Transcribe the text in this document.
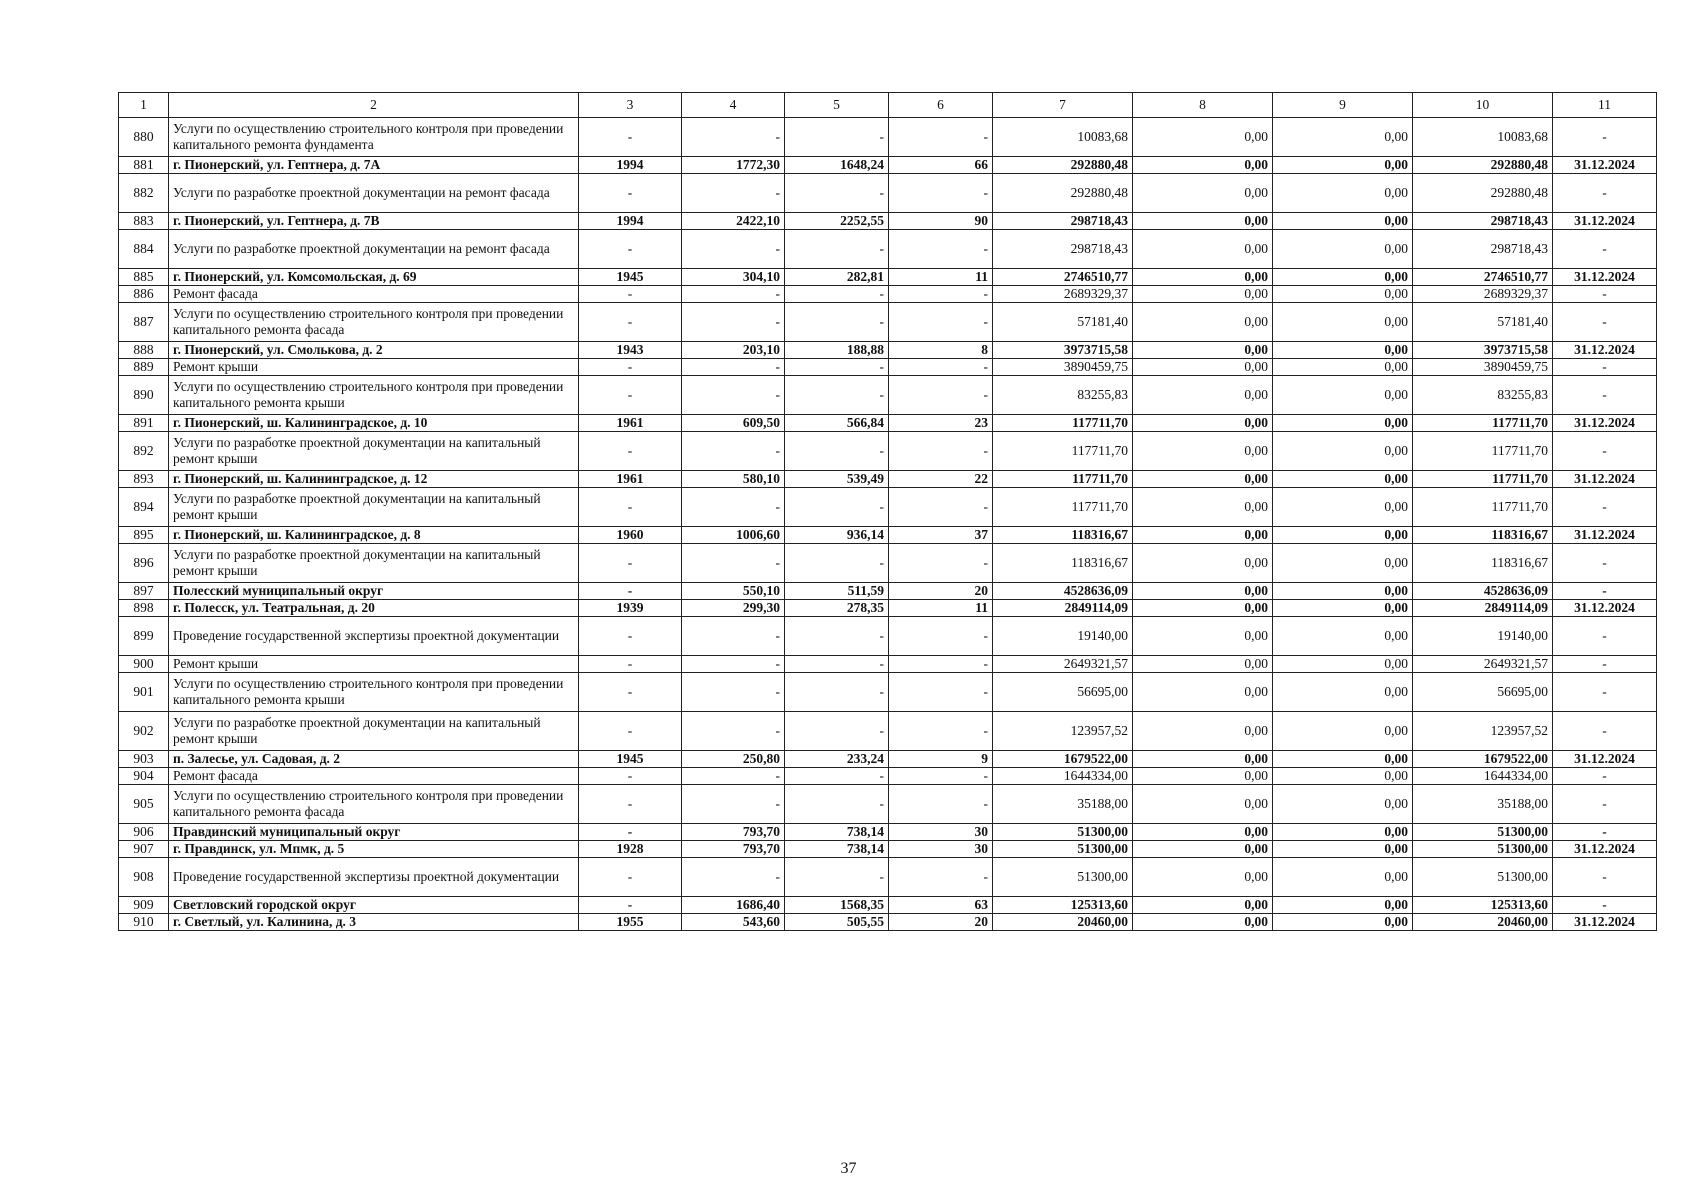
1	2	3	4	5	6	7	8	9	10	11
880	Услуги по осуществлению строительного контроля при проведении капитального ремонта фундамента	-	-	-	-	10083,68	0,00	0,00	10083,68	-
881	г. Пионерский, ул. Гептнера, д. 7А	1994	1772,30	1648,24	66	292880,48	0,00	0,00	292880,48	31.12.2024
882	Услуги по разработке проектной документации на ремонт фасада	-	-	-	-	292880,48	0,00	0,00	292880,48	-
883	г. Пионерский, ул. Гептнера, д. 7В	1994	2422,10	2252,55	90	298718,43	0,00	0,00	298718,43	31.12.2024
884	Услуги по разработке проектной документации на ремонт фасада	-	-	-	-	298718,43	0,00	0,00	298718,43	-
885	г. Пионерский, ул. Комсомольская, д. 69	1945	304,10	282,81	11	2746510,77	0,00	0,00	2746510,77	31.12.2024
886	Ремонт фасада	-	-	-	-	2689329,37	0,00	0,00	2689329,37	-
887	Услуги по осуществлению строительного контроля при проведении капитального ремонта фасада	-	-	-	-	57181,40	0,00	0,00	57181,40	-
888	г. Пионерский, ул. Смолькова, д. 2	1943	203,10	188,88	8	3973715,58	0,00	0,00	3973715,58	31.12.2024
889	Ремонт крыши	-	-	-	-	3890459,75	0,00	0,00	3890459,75	-
890	Услуги по осуществлению строительного контроля при проведении капитального ремонта крыши	-	-	-	-	83255,83	0,00	0,00	83255,83	-
891	г. Пионерский, ш. Калининградское, д. 10	1961	609,50	566,84	23	117711,70	0,00	0,00	117711,70	31.12.2024
892	Услуги по разработке проектной документации на капитальный ремонт крыши	-	-	-	-	117711,70	0,00	0,00	117711,70	-
893	г. Пионерский, ш. Калининградское, д. 12	1961	580,10	539,49	22	117711,70	0,00	0,00	117711,70	31.12.2024
894	Услуги по разработке проектной документации на капитальный ремонт крыши	-	-	-	-	117711,70	0,00	0,00	117711,70	-
895	г. Пионерский, ш. Калининградское, д. 8	1960	1006,60	936,14	37	118316,67	0,00	0,00	118316,67	31.12.2024
896	Услуги по разработке проектной документации на капитальный ремонт крыши	-	-	-	-	118316,67	0,00	0,00	118316,67	-
897	Полесский муниципальный округ	-	550,10	511,59	20	4528636,09	0,00	0,00	4528636,09	-
898	г. Полесск, ул. Театральная, д. 20	1939	299,30	278,35	11	2849114,09	0,00	0,00	2849114,09	31.12.2024
899	Проведение государственной экспертизы проектной документации	-	-	-	-	19140,00	0,00	0,00	19140,00	-
900	Ремонт крыши	-	-	-	-	2649321,57	0,00	0,00	2649321,57	-
901	Услуги по осуществлению строительного контроля при проведении капитального ремонта крыши	-	-	-	-	56695,00	0,00	0,00	56695,00	-
902	Услуги по разработке проектной документации на капитальный ремонт крыши	-	-	-	-	123957,52	0,00	0,00	123957,52	-
903	п. Залесье, ул. Садовая, д. 2	1945	250,80	233,24	9	1679522,00	0,00	0,00	1679522,00	31.12.2024
904	Ремонт фасада	-	-	-	-	1644334,00	0,00	0,00	1644334,00	-
905	Услуги по осуществлению строительного контроля при проведении капитального ремонта фасада	-	-	-	-	35188,00	0,00	0,00	35188,00	-
906	Правдинский муниципальный округ	-	793,70	738,14	30	51300,00	0,00	0,00	51300,00	-
907	г. Правдинск, ул. Мпмк, д. 5	1928	793,70	738,14	30	51300,00	0,00	0,00	51300,00	31.12.2024
908	Проведение государственной экспертизы проектной документации	-	-	-	-	51300,00	0,00	0,00	51300,00	-
909	Светловский городской округ	-	1686,40	1568,35	63	125313,60	0,00	0,00	125313,60	-
910	г. Светлый, ул. Калинина, д. 3	1955	543,60	505,55	20	20460,00	0,00	0,00	20460,00	31.12.2024
37
